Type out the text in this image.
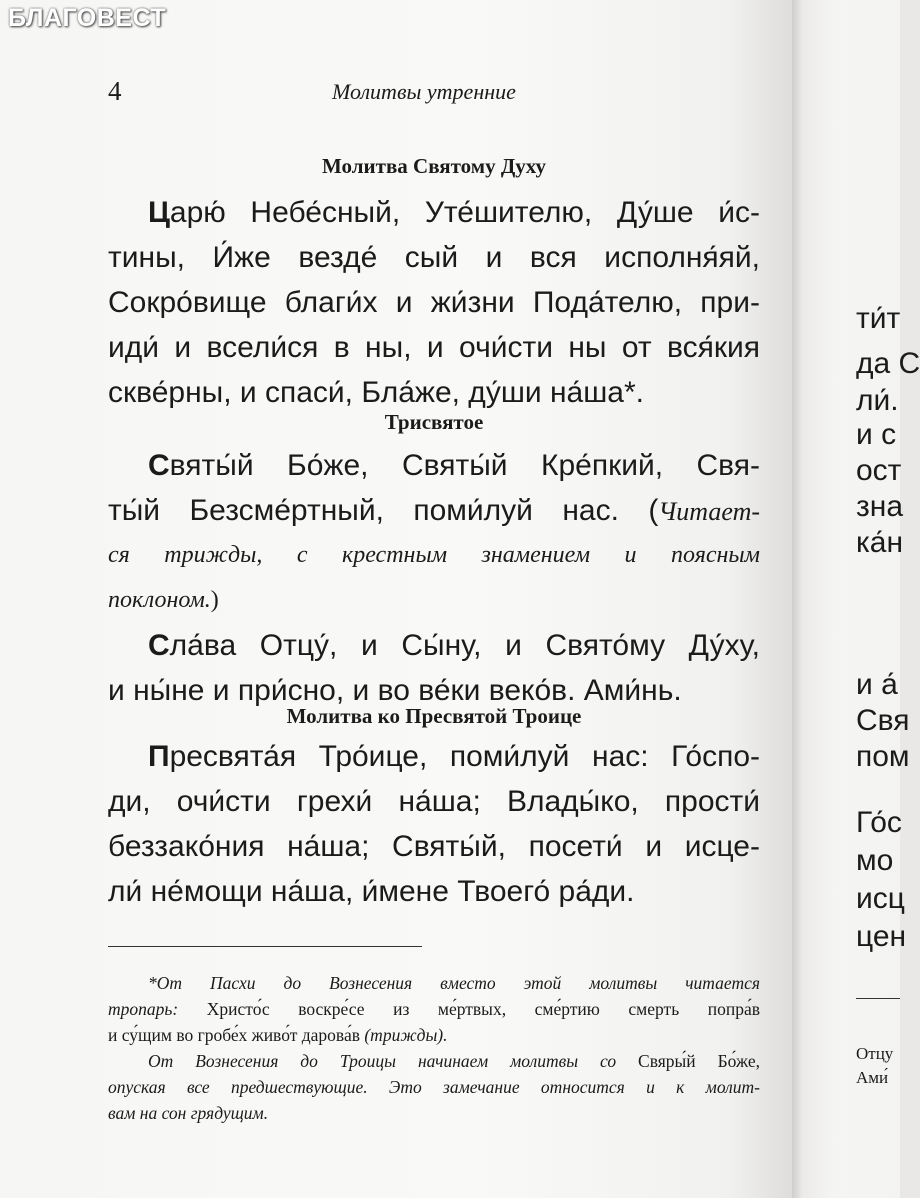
БЛАГОВЕСТ
4	Молитвы утренние
Молитва Святому Духу
Царю́ Небе́сный, Уте́шителю, Ду́ше и́с-
тины, И́же везде́ сый и вся исполня́яй,
Сокро́вище благи́х и жи́зни Пода́телю, при-
иди́ и всели́ся в ны, и очи́сти ны от вся́кия
скве́рны, и спаси́, Бла́же, ду́ши на́ша*.
Трисвятое
Святы́й Бо́же, Святы́й Кре́пкий, Свя-
ты́й Безсме́ртный, поми́луй нас. (Читает-
ся трижды, с крестным знамением и поясным
поклоном.)
Сла́ва Отцу́, и Сы́ну, и Свято́му Ду́ху,
и ны́не и при́сно, и во ве́ки веко́в. Ами́нь.
Молитва ко Пресвятой Троице
Пресвята́я Тро́ице, поми́луй нас: Го́спо-
ди, очи́сти грехи́ на́ша; Влады́ко, прости́
беззако́ния на́ша; Святы́й, посети́ и исце-
ли́ не́мощи на́ша, и́мене Твоего́ ра́ди.
*От Пасхи до Вознесения вместо этой молитвы читается
тропарь: Христо́с воскре́се из ме́ртвых, сме́ртию смерть попра́в
и су́щим во гробе́х живо́т дарова́в (трижды).
От Вознесения до Троицы начинаем молитвы со Свяры́й Бо́же,
опуская все предшествующие. Это замечание относится и к молит-
вам на сон грядущим.
ти́т
да С
ли́.
и с
ост
зна
ка́н
и а́
Свя
пом
Го́с
мо
исц
цен
Отцу
Ами́
